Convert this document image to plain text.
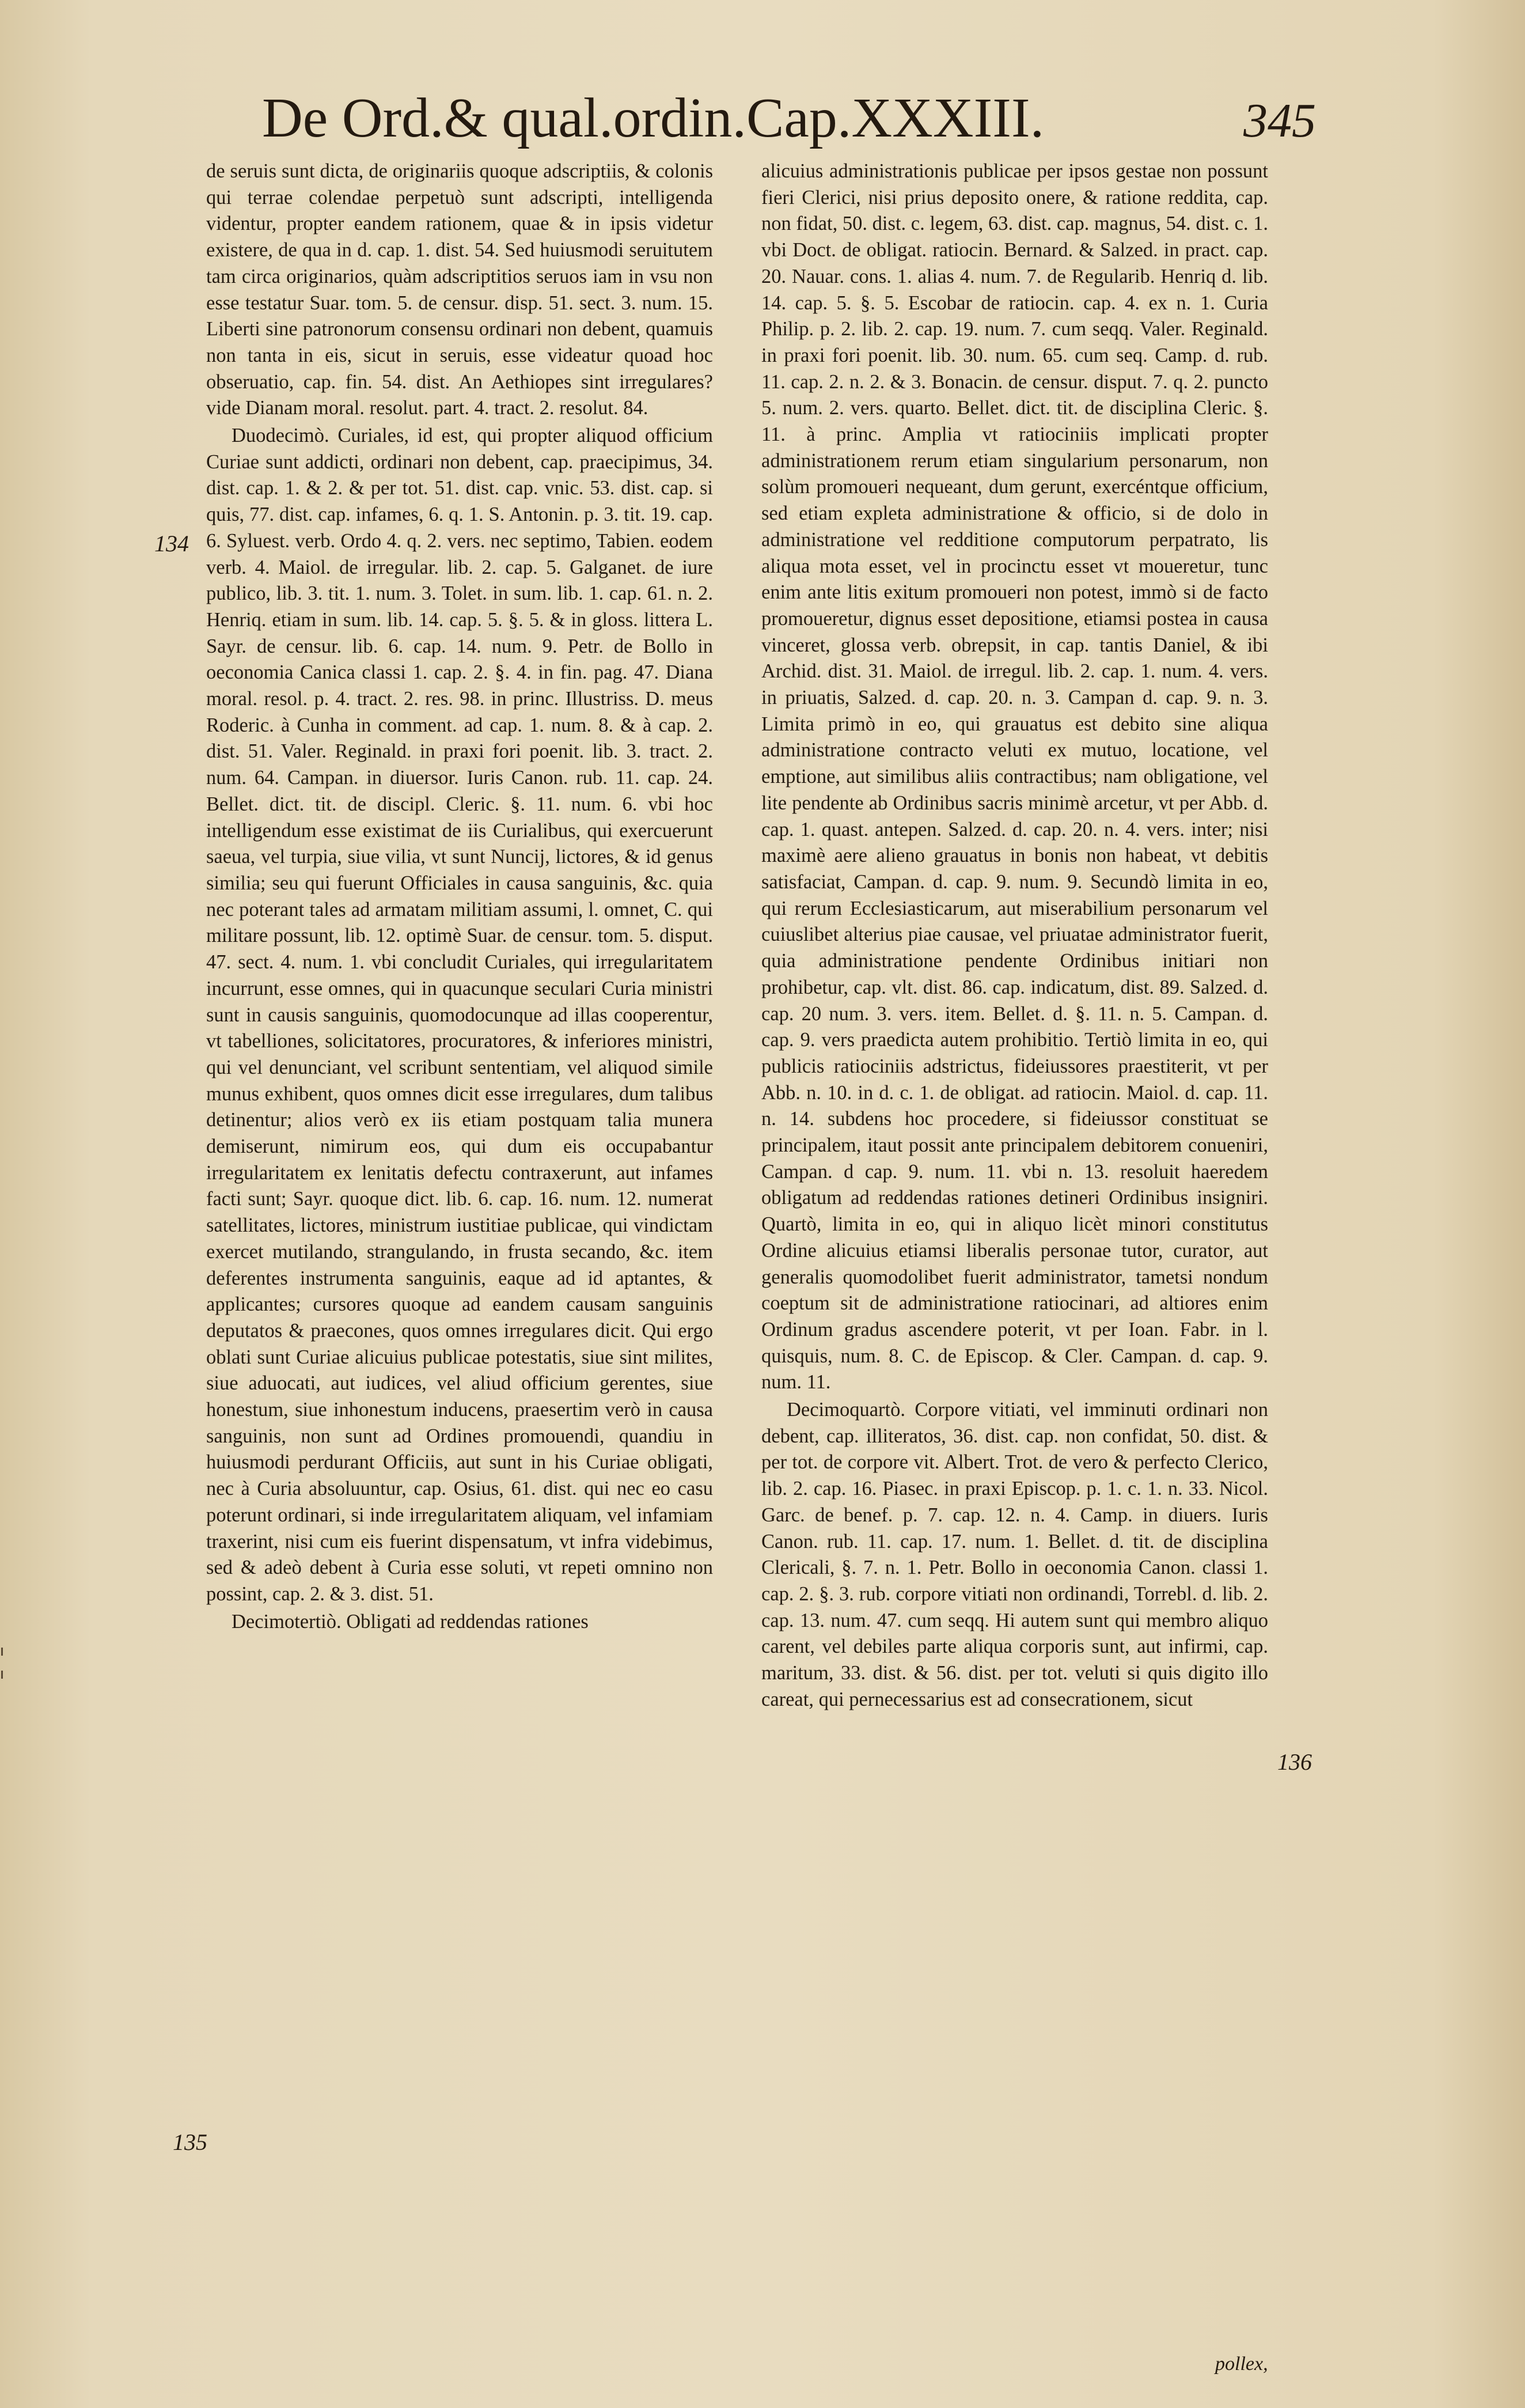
De Ord.& qual.ordin.Cap.XXXIII.	345
134
135
136

de seruis sunt dicta, de originariis quoque adscriptiis, & colonis qui terrae colendae perpetuò sunt adscripti, intelligenda videntur, propter eandem rationem, quae & in ipsis videtur existere, de qua in d. cap. 1. dist. 54. Sed huiusmodi seruitutem tam circa originarios, quàm adscriptitios seruos iam in vsu non esse testatur Suar. tom. 5. de censur. disp. 51. sect. 3. num. 15. Liberti sine patronorum consensu ordinari non debent, quamuis non tanta in eis, sicut in seruis, esse videatur quoad hoc obseruatio, cap. fin. 54. dist. An Aethiopes sint irregulares? vide Dianam moral. resolut. part. 4. tract. 2. resolut. 84.

Duodecimò. Curiales, id est, qui propter aliquod officium Curiae sunt addicti, ordinari non debent, cap. praecipimus, 34. dist. cap. 1. & 2. & per tot. 51. dist. cap. vnic. 53. dist. cap. si quis, 77. dist. cap. infames, 6. q. 1. S. Antonin. p. 3. tit. 19. cap. 6. Syluest. verb. Ordo 4. q. 2. vers. nec septimo, Tabien. eodem verb. 4. Maiol. de irregular. lib. 2. cap. 5. Galganet. de iure publico, lib. 3. tit. 1. num. 3. Tolet. in sum. lib. 1. cap. 61. n. 2. Henriq. etiam in sum. lib. 14. cap. 5. §. 5. & in gloss. littera L. Sayr. de censur. lib. 6. cap. 14. num. 9. Petr. de Bollo in oeconomia Canica classi 1. cap. 2. §. 4. in fin. pag. 47. Diana moral. resol. p. 4. tract. 2. res. 98. in princ. Illustriss. D. meus Roderic. à Cunha in comment. ad cap. 1. num. 8. & à cap. 2. dist. 51. Valer. Reginald. in praxi fori poenit. lib. 3. tract. 2. num. 64. Campan. in diuersor. Iuris Canon. rub. 11. cap. 24. Bellet. dict. tit. de discipl. Cleric. §. 11. num. 6. vbi hoc intelligendum esse existimat de iis Curialibus, qui exercuerunt saeua, vel turpia, siue vilia, vt sunt Nuncij, lictores, & id genus similia; seu qui fuerunt Officiales in causa sanguinis, &c. quia nec poterant tales ad armatam militiam assumi, l. omnet, C. qui militare possunt, lib. 12. optimè Suar. de censur. tom. 5. disput. 47. sect. 4. num. 1. vbi concludit Curiales, qui irregularitatem incurrunt, esse omnes, qui in quacunque seculari Curia ministri sunt in causis sanguinis, quomodocunque ad illas cooperentur, vt tabelliones, solicitatores, procuratores, & inferiores ministri, qui vel denunciant, vel scribunt sententiam, vel aliquod simile munus exhibent, quos omnes dicit esse irregulares, dum talibus detinentur; alios verò ex iis etiam postquam talia munera demiserunt, nimirum eos, qui dum eis occupabantur irregularitatem ex lenitatis defectu contraxerunt, aut infames facti sunt; Sayr. quoque dict. lib. 6. cap. 16. num. 12. numerat satellitates, lictores, ministrum iustitiae publicae, qui vindictam exercet mutilando, strangulando, in frusta secando, &c. item deferentes instrumenta sanguinis, eaque ad id aptantes, & applicantes; cursores quoque ad eandem causam sanguinis deputatos & praecones, quos omnes irregulares dicit. Qui ergo oblati sunt Curiae alicuius publicae potestatis, siue sint milites, siue aduocati, aut iudices, vel aliud officium gerentes, siue honestum, siue inhonestum inducens, praesertim verò in causa sanguinis, non sunt ad Ordines promouendi, quandiu in huiusmodi perdurant Officiis, aut sunt in his Curiae obligati, nec à Curia absoluuntur, cap. Osius, 61. dist. qui nec eo casu poterunt ordinari, si inde irregularitatem aliquam, vel infamiam traxerint, nisi cum eis fuerint dispensatum, vt infra videbimus, sed & adeò debent à Curia esse soluti, vt repeti omnino non possint, cap. 2. & 3. dist. 51.

Decimotertiò. Obligati ad reddendas rationes

alicuius administrationis publicae per ipsos gestae non possunt fieri Clerici, nisi prius deposito onere, & ratione reddita, cap. non fidat, 50. dist. c. legem, 63. dist. cap. magnus, 54. dist. c. 1. vbi Doct. de obligat. ratiocin. Bernard. & Salzed. in pract. cap. 20. Nauar. cons. 1. alias 4. num. 7. de Regularib. Henriq d. lib. 14. cap. 5. §. 5. Escobar de ratiocin. cap. 4. ex n. 1. Curia Philip. p. 2. lib. 2. cap. 19. num. 7. cum seqq. Valer. Reginald. in praxi fori poenit. lib. 30. num. 65. cum seq. Camp. d. rub. 11. cap. 2. n. 2. & 3. Bonacin. de censur. disput. 7. q. 2. puncto 5. num. 2. vers. quarto. Bellet. dict. tit. de disciplina Cleric. §. 11. à princ. Amplia vt ratiociniis implicati propter administrationem rerum etiam singularium personarum, non solùm promoueri nequeant, dum gerunt, exercéntque officium, sed etiam expleta administratione & officio, si de dolo in administratione vel redditione computorum perpatrato, lis aliqua mota esset, vel in procinctu esset vt moueretur, tunc enim ante litis exitum promoueri non potest, immò si de facto promoueretur, dignus esset depositione, etiamsi postea in causa vinceret, glossa verb. obrepsit, in cap. tantis Daniel, & ibi Archid. dist. 31. Maiol. de irregul. lib. 2. cap. 1. num. 4. vers. in priuatis, Salzed. d. cap. 20. n. 3. Campan d. cap. 9. n. 3. Limita primò in eo, qui grauatus est debito sine aliqua administratione contracto veluti ex mutuo, locatione, vel emptione, aut similibus aliis contractibus; nam obligatione, vel lite pendente ab Ordinibus sacris minimè arcetur, vt per Abb. d. cap. 1. quast. antepen. Salzed. d. cap. 20. n. 4. vers. inter; nisi maximè aere alieno grauatus in bonis non habeat, vt debitis satisfaciat, Campan. d. cap. 9. num. 9. Secundò limita in eo, qui rerum Ecclesiasticarum, aut miserabilium personarum vel cuiuslibet alterius piae causae, vel priuatae administrator fuerit, quia administratione pendente Ordinibus initiari non prohibetur, cap. vlt. dist. 86. cap. indicatum, dist. 89. Salzed. d. cap. 20 num. 3. vers. item. Bellet. d. §. 11. n. 5. Campan. d. cap. 9. vers praedicta autem prohibitio. Tertiò limita in eo, qui publicis ratiociniis adstrictus, fideiussores praestiterit, vt per Abb. n. 10. in d. c. 1. de obligat. ad ratiocin. Maiol. d. cap. 11. n. 14. subdens hoc procedere, si fideiussor constituat se principalem, itaut possit ante principalem debitorem conueniri, Campan. d cap. 9. num. 11. vbi n. 13. resoluit haeredem obligatum ad reddendas rationes detineri Ordinibus insigniri. Quartò, limita in eo, qui in aliquo licèt minori constitutus Ordine alicuius etiamsi liberalis personae tutor, curator, aut generalis quomodolibet fuerit administrator, tametsi nondum coeptum sit de administratione ratiocinari, ad altiores enim Ordinum gradus ascendere poterit, vt per Ioan. Fabr. in l. quisquis, num. 8. C. de Episcop. & Cler. Campan. d. cap. 9. num. 11.

Decimoquartò. Corpore vitiati, vel imminuti ordinari non debent, cap. illiteratos, 36. dist. cap. non confidat, 50. dist. & per tot. de corpore vit. Albert. Trot. de vero & perfecto Clerico, lib. 2. cap. 16. Piasec. in praxi Episcop. p. 1. c. 1. n. 33. Nicol. Garc. de benef. p. 7. cap. 12. n. 4. Camp. in diuers. Iuris Canon. rub. 11. cap. 17. num. 1. Bellet. d. tit. de disciplina Clericali, §. 7. n. 1. Petr. Bollo in oeconomia Canon. classi 1. cap. 2. §. 3. rub. corpore vitiati non ordinandi, Torrebl. d. lib. 2. cap. 13. num. 47. cum seqq. Hi autem sunt qui membro aliquo carent, vel debiles parte aliqua corporis sunt, aut infirmi, cap. maritum, 33. dist. & 56. dist. per tot. veluti si quis digito illo careat, qui pernecessarius est ad consecrationem, sicut

pollex,
